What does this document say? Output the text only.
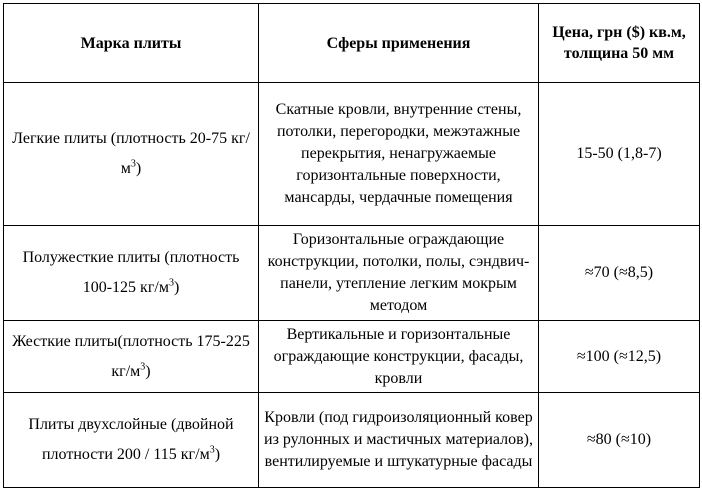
Марка плиты	Сферы применения	Цена, грн ($) кв.м, толщина 50 мм
Легкие плиты (плотность 20-75 $кг/м^3$)	Скатные кровли, внутренние стены, потолки, перегородки, межэтажные перекрытия, ненагружаемые горизонтальные поверхности, мансарды, чердачные помещения	15-50 (1,8-7)
Полужесткие плиты (плотность 100-125 $кг/м^3$)	Горизонтальные ограждающие конструкции, потолки, полы, сэндвич-панели, утепление легким мокрым методом	≈70 (≈8,5)
Жесткие плиты(плотность 175-225 $кг/м^3$)	Вертикальные и горизонтальные ограждающие конструкции, фасады, кровли	≈100 (≈12,5)
Плиты двухслойные (двойной плотности 200 / 115 $кг/м^3$)	Кровли (под гидроизоляционный ковер из рулонных и мастичных материалов), вентилируемые и штукатурные фасады	≈80 (≈10)
